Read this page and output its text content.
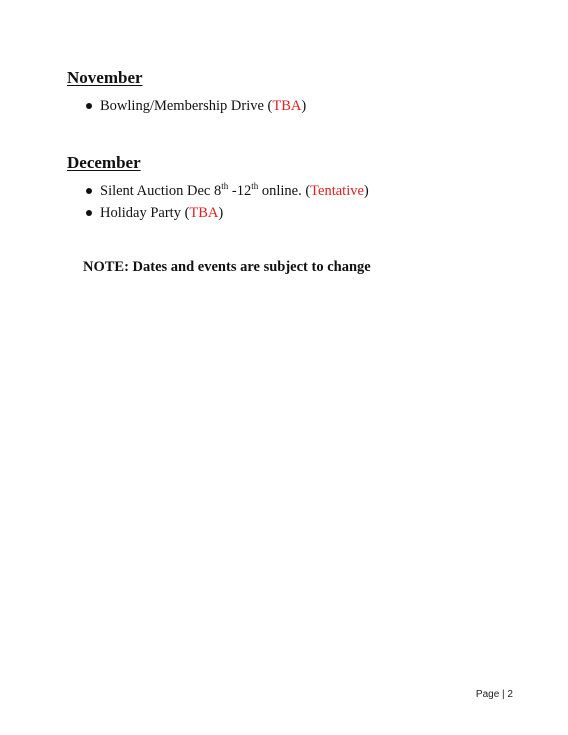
November
Bowling/Membership Drive (TBA)
December
Silent Auction Dec 8th -12th online. (Tentative)
Holiday Party (TBA)

NOTE: Dates and events are subject to change

Page | 2
